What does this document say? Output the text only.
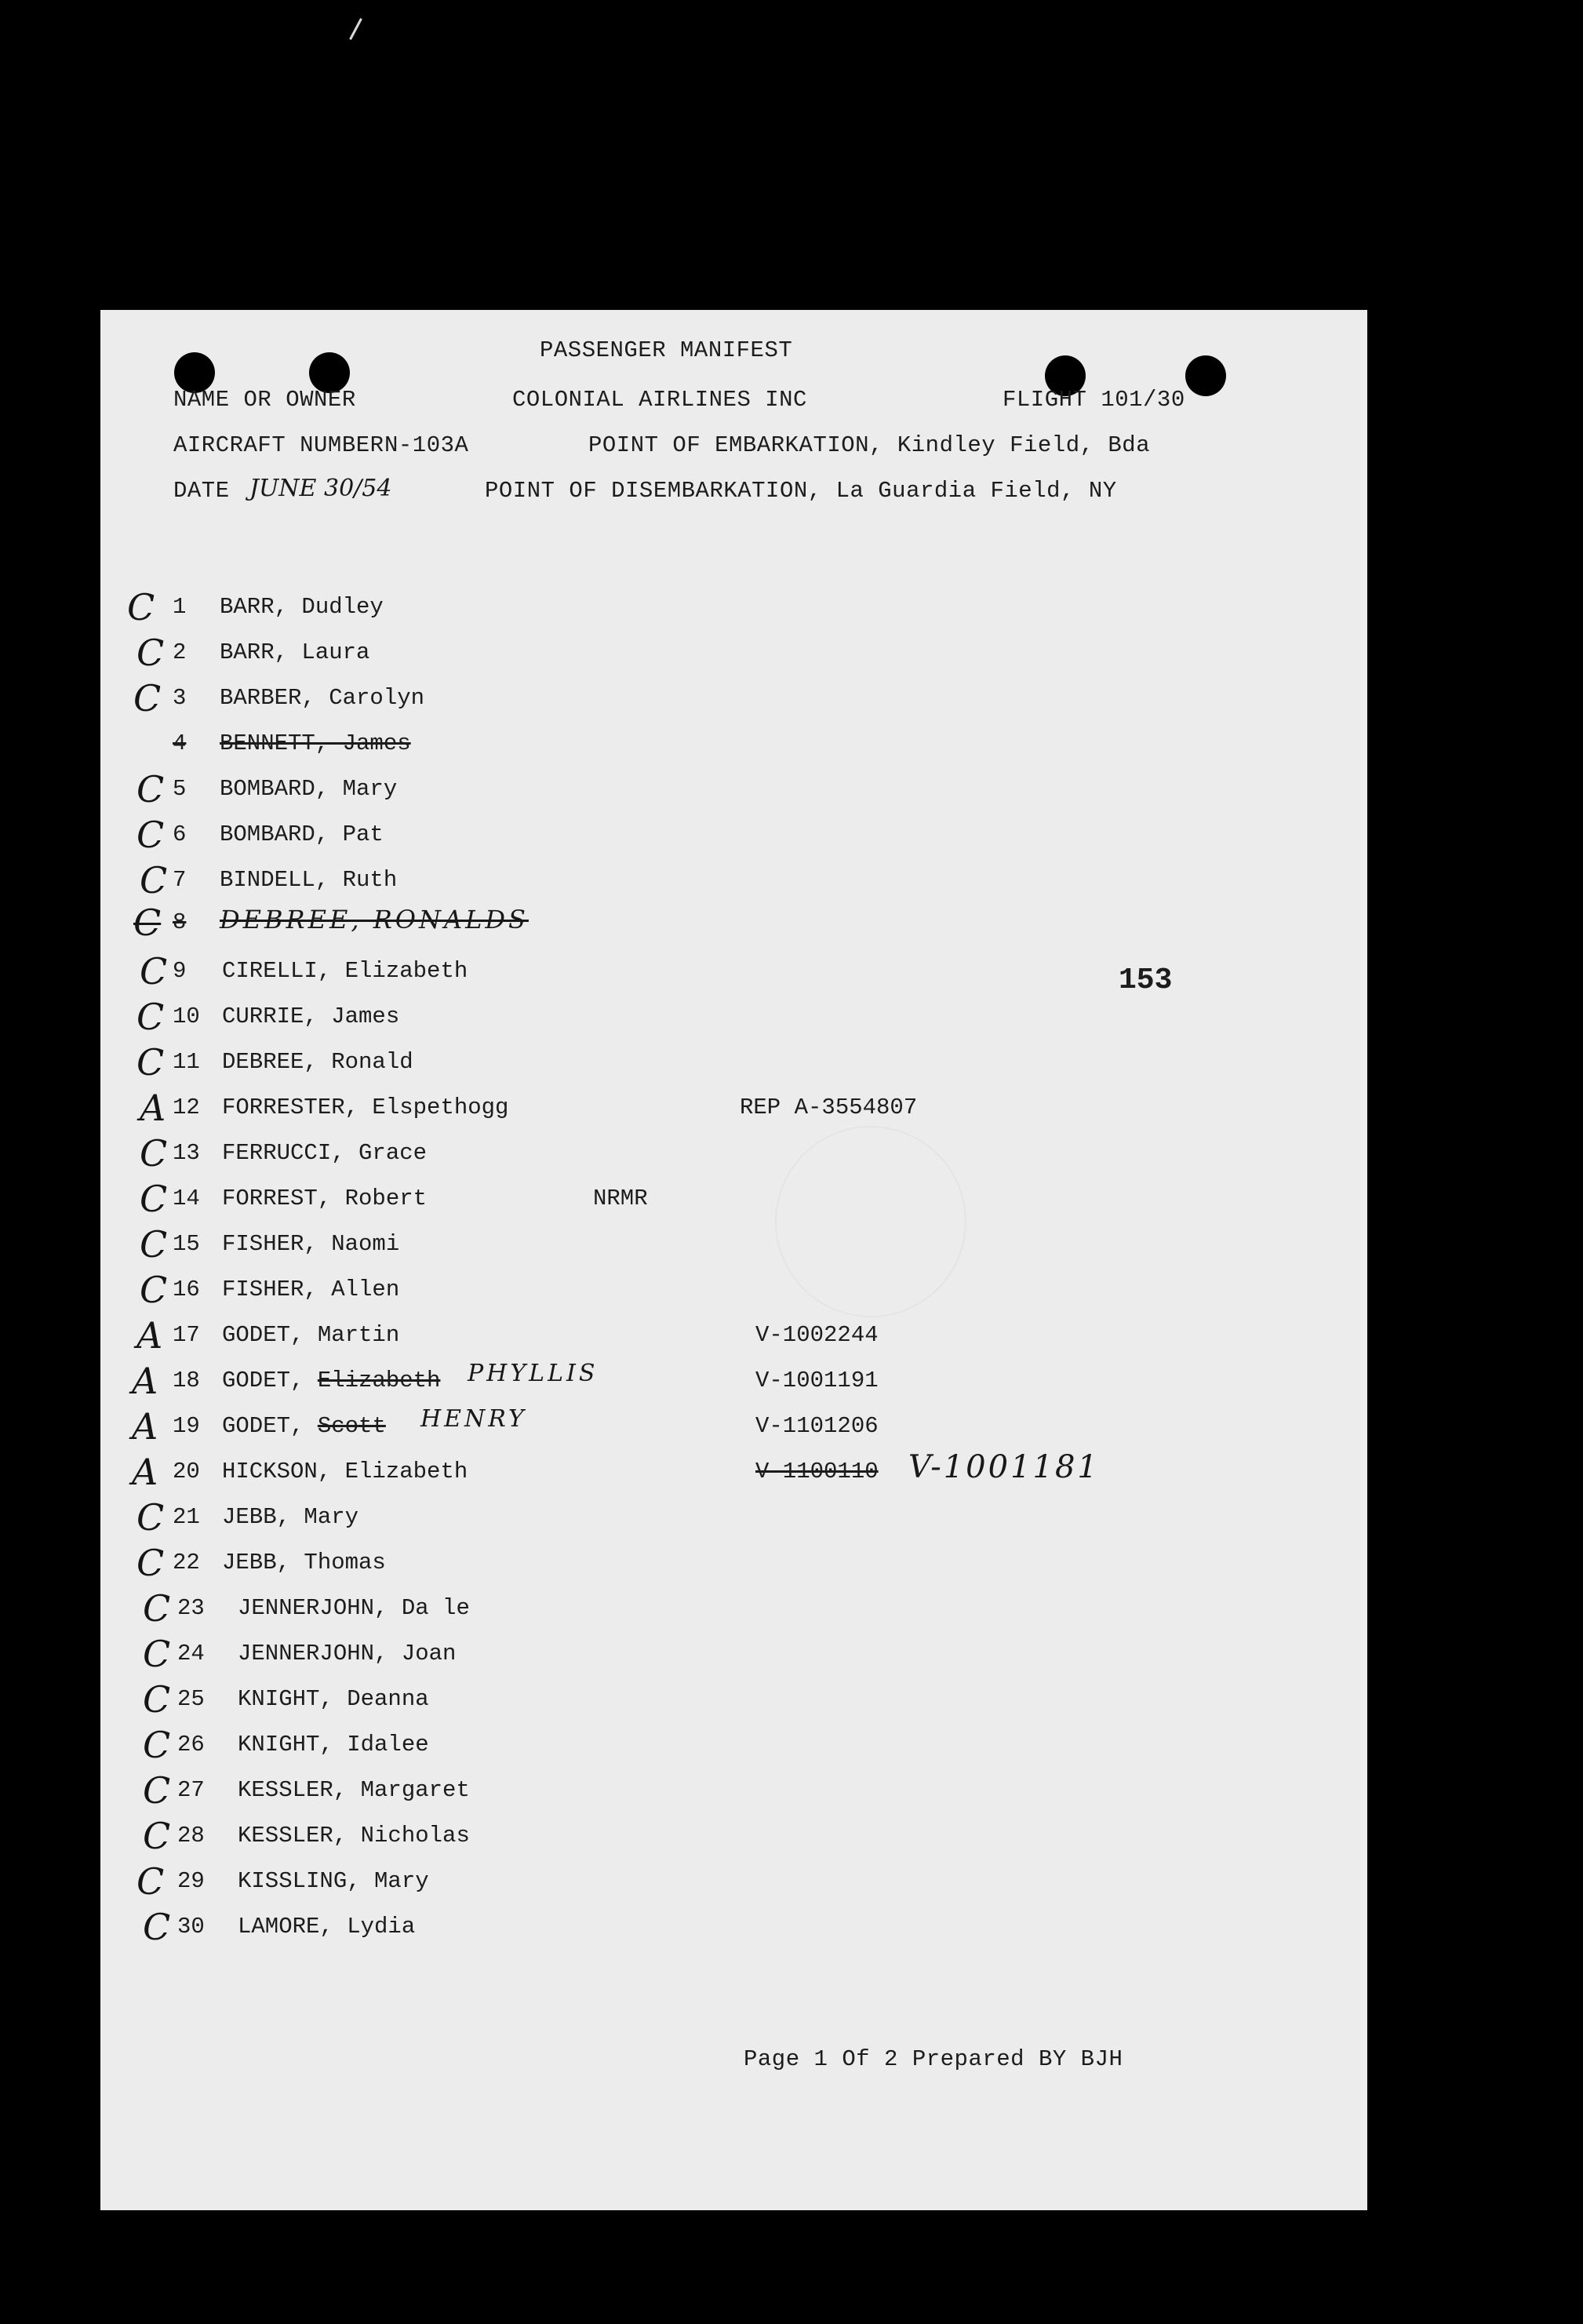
PASSENGER MANIFEST
NAME OR OWNER	COLONIAL AIRLINES INC	FLIGHT 101/30
AIRCRAFT NUMBER N-103A	POINT OF EMBARKATION, Kindley Field, Bda
DATE JUNE 30/54	POINT OF DISEMBARKATION, La Guardia Field, NY
153
C 1 BARR, Dudley
C 2 BARR, Laura
C 3 BARBER, Carolyn
4 BENNETT, James
C 5 BOMBARD, Mary
C 6 BOMBARD, Pat
C 7 BINDELL, Ruth
C 8 DEBREE, RONALDS
C 9 CIRELLI, Elizabeth
C 10 CURRIE, James
C 11 DEBREE, Ronald
A 12 FORRESTER, Elspethogg	REP A-3554807
C 13 FERRUCCI, Grace
C 14 FORREST, Robert	NRMR
C 15 FISHER, Naomi
C 16 FISHER, Allen
A 17 GODET, Martin	V-1002244
A 18 GODET, Elizabeth PHYLLIS	V-1001191
A 19 GODET, Scott HENRY	V-1101206
A 20 HICKSON, Elizabeth	V-1100110 V-1001181
C 21 JEBB, Mary
C 22 JEBB, Thomas
C 23 JENNERJOHN, Da le
C 24 JENNERJOHN, Joan
C 25 KNIGHT, Deanna
C 26 KNIGHT, Idalee
C 27 KESSLER, Margaret
C 28 KESSLER, Nicholas
C 29 KISSLING, Mary
C 30 LAMORE, Lydia
Page 1 Of 2 Prepared BY BJH
